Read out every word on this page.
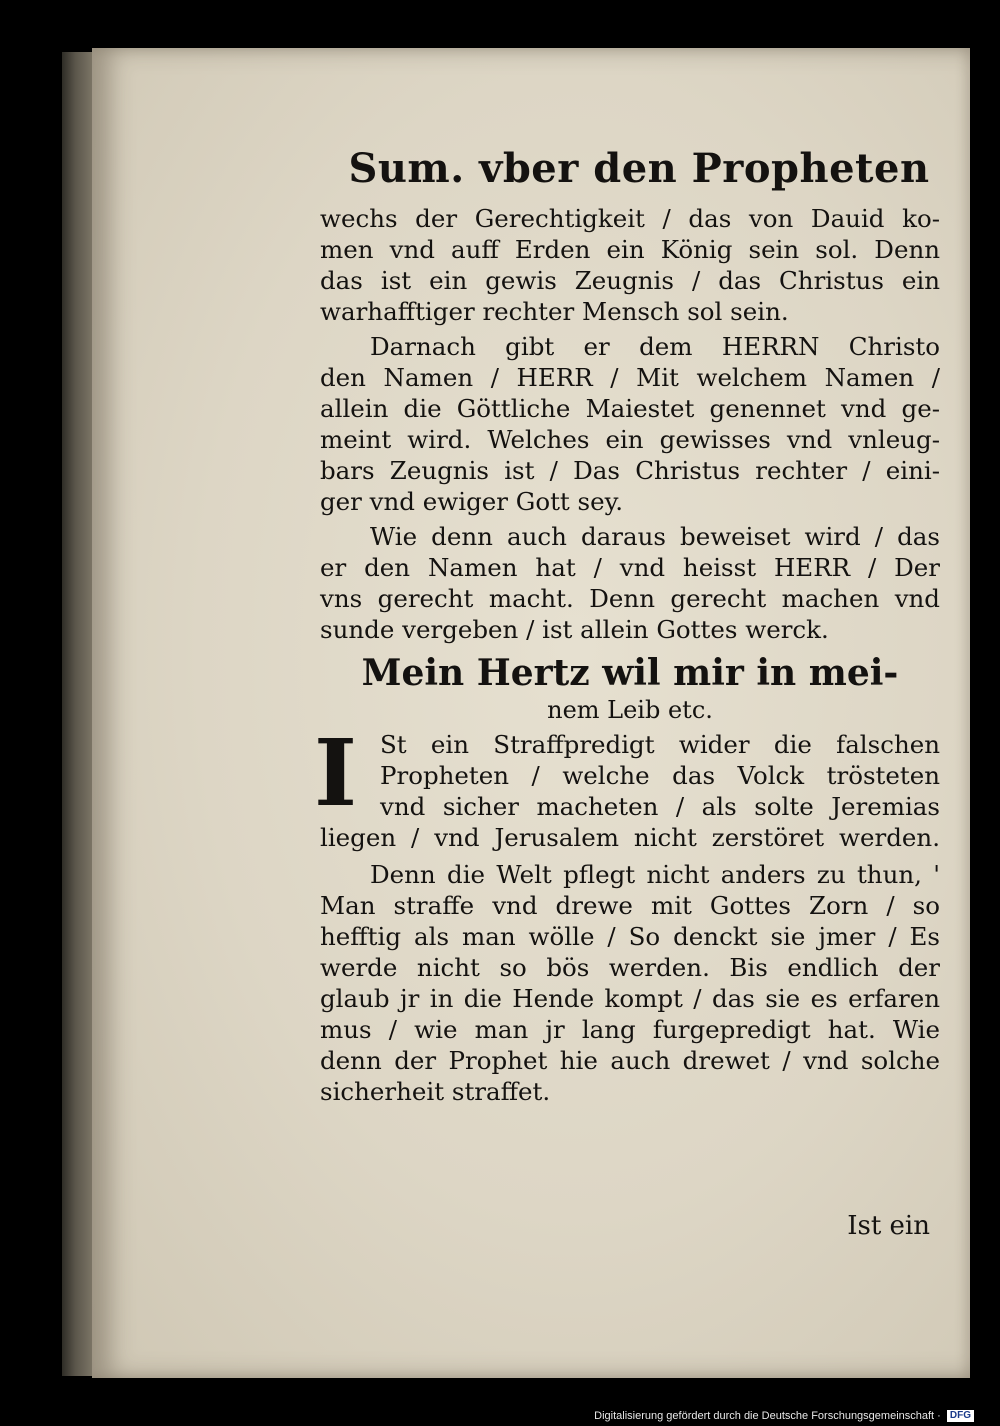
Sum. vber den Propheten
wechs der Gerechtigkeit / das von Dauid ko-
men vnd auff Erden ein König sein sol. Denn
das ist ein gewis Zeugnis / das Christus ein
warhafftiger rechter Mensch sol sein.
Darnach gibt er dem HERRN Christo
den Namen / HERR / Mit welchem Namen /
allein die Göttliche Maiestet genennet vnd ge-
meint wird. Welches ein gewisses vnd vnleug-
bars Zeugnis ist / Das Christus rechter / eini-
ger vnd ewiger Gott sey.
Wie denn auch daraus beweiset wird / das
er den Namen hat / vnd heisst HERR / Der
vns gerecht macht. Denn gerecht machen vnd
sunde vergeben / ist allein Gottes werck.
Mein Hertz wil mir in mei-
nem Leib etc.
I St ein Straffpredigt wider die falschen
Propheten / welche das Volck trösteten
vnd sicher macheten / als solte Jeremias
liegen / vnd Jerusalem nicht zerstöret werden.
Denn die Welt pflegt nicht anders zu thun, '
Man straffe vnd drewe mit Gottes Zorn / so
hefftig als man wölle / So denckt sie jmer / Es
werde nicht so bös werden. Bis endlich der
glaub jr in die Hende kompt / das sie es erfaren
mus / wie man jr lang furgepredigt hat. Wie
denn der Prophet hie auch drewet / vnd solche
sicherheit straffet.
Ist ein
Digitalisierung gefördert durch die Deutsche Forschungsgemeinschaft · DFG
